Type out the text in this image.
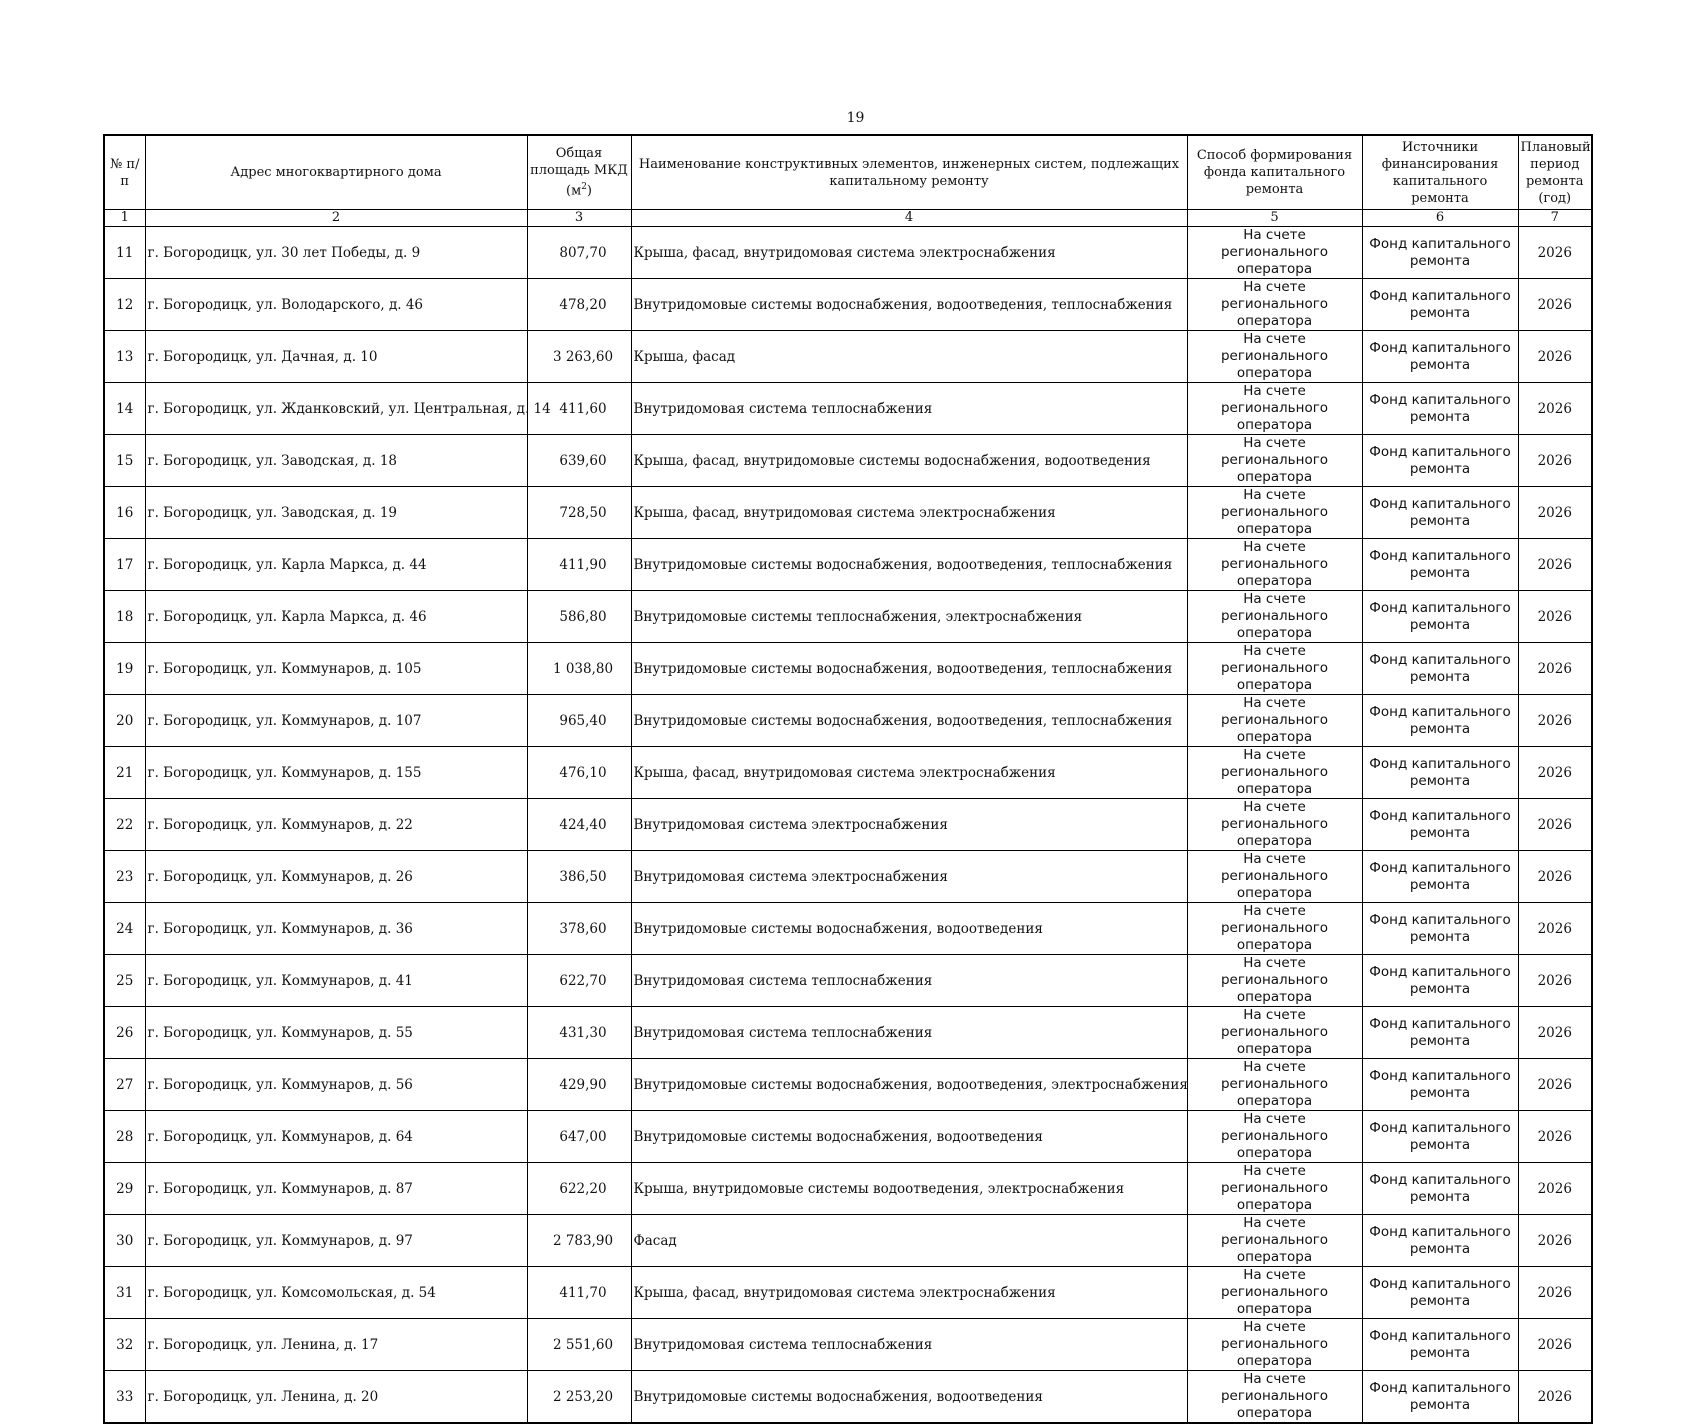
19
№ п/п	Адрес многоквартирного дома	Общая площадь МКД $(м^2)$	Наименование конструктивных элементов, инженерных систем, подлежащих капитальному ремонту	Способ формирования фонда капитального ремонта	Источники финансирования капитального ремонта	Плановый период ремонта (год)
1	2	3	4	5	6	7
11	г. Богородицк, ул. 30 лет Победы, д. 9	807,70	Крыша, фасад, внутридомовая система электроснабжения	На счете регионального оператора	Фонд капитального ремонта	2026
12	г. Богородицк, ул. Володарского, д. 46	478,20	Внутридомовые системы водоснабжения, водоотведения, теплоснабжения	На счете регионального оператора	Фонд капитального ремонта	2026
13	г. Богородицк, ул. Дачная, д. 10	3 263,60	Крыша, фасад	На счете регионального оператора	Фонд капитального ремонта	2026
14	г. Богородицк, ул. Жданковский, ул. Центральная, д. 14	411,60	Внутридомовая система теплоснабжения	На счете регионального оператора	Фонд капитального ремонта	2026
15	г. Богородицк, ул. Заводская, д. 18	639,60	Крыша, фасад, внутридомовые системы водоснабжения, водоотведения	На счете регионального оператора	Фонд капитального ремонта	2026
16	г. Богородицк, ул. Заводская, д. 19	728,50	Крыша, фасад, внутридомовая система электроснабжения	На счете регионального оператора	Фонд капитального ремонта	2026
17	г. Богородицк, ул. Карла Маркса, д. 44	411,90	Внутридомовые системы водоснабжения, водоотведения, теплоснабжения	На счете регионального оператора	Фонд капитального ремонта	2026
18	г. Богородицк, ул. Карла Маркса, д. 46	586,80	Внутридомовые системы теплоснабжения, электроснабжения	На счете регионального оператора	Фонд капитального ремонта	2026
19	г. Богородицк, ул. Коммунаров, д. 105	1 038,80	Внутридомовые системы водоснабжения, водоотведения, теплоснабжения	На счете регионального оператора	Фонд капитального ремонта	2026
20	г. Богородицк, ул. Коммунаров, д. 107	965,40	Внутридомовые системы водоснабжения, водоотведения, теплоснабжения	На счете регионального оператора	Фонд капитального ремонта	2026
21	г. Богородицк, ул. Коммунаров, д. 155	476,10	Крыша, фасад, внутридомовая система электроснабжения	На счете регионального оператора	Фонд капитального ремонта	2026
22	г. Богородицк, ул. Коммунаров, д. 22	424,40	Внутридомовая система электроснабжения	На счете регионального оператора	Фонд капитального ремонта	2026
23	г. Богородицк, ул. Коммунаров, д. 26	386,50	Внутридомовая система электроснабжения	На счете регионального оператора	Фонд капитального ремонта	2026
24	г. Богородицк, ул. Коммунаров, д. 36	378,60	Внутридомовые системы водоснабжения, водоотведения	На счете регионального оператора	Фонд капитального ремонта	2026
25	г. Богородицк, ул. Коммунаров, д. 41	622,70	Внутридомовая система теплоснабжения	На счете регионального оператора	Фонд капитального ремонта	2026
26	г. Богородицк, ул. Коммунаров, д. 55	431,30	Внутридомовая система теплоснабжения	На счете регионального оператора	Фонд капитального ремонта	2026
27	г. Богородицк, ул. Коммунаров, д. 56	429,90	Внутридомовые системы водоснабжения, водоотведения, электроснабжения	На счете регионального оператора	Фонд капитального ремонта	2026
28	г. Богородицк, ул. Коммунаров, д. 64	647,00	Внутридомовые системы водоснабжения, водоотведения	На счете регионального оператора	Фонд капитального ремонта	2026
29	г. Богородицк, ул. Коммунаров, д. 87	622,20	Крыша, внутридомовые системы водоотведения, электроснабжения	На счете регионального оператора	Фонд капитального ремонта	2026
30	г. Богородицк, ул. Коммунаров, д. 97	2 783,90	Фасад	На счете регионального оператора	Фонд капитального ремонта	2026
31	г. Богородицк, ул. Комсомольская, д. 54	411,70	Крыша, фасад, внутридомовая система электроснабжения	На счете регионального оператора	Фонд капитального ремонта	2026
32	г. Богородицк, ул. Ленина, д. 17	2 551,60	Внутридомовая система теплоснабжения	На счете регионального оператора	Фонд капитального ремонта	2026
33	г. Богородицк, ул. Ленина, д. 20	2 253,20	Внутридомовые системы водоснабжения, водоотведения	На счете регионального оператора	Фонд капитального ремонта	2026
